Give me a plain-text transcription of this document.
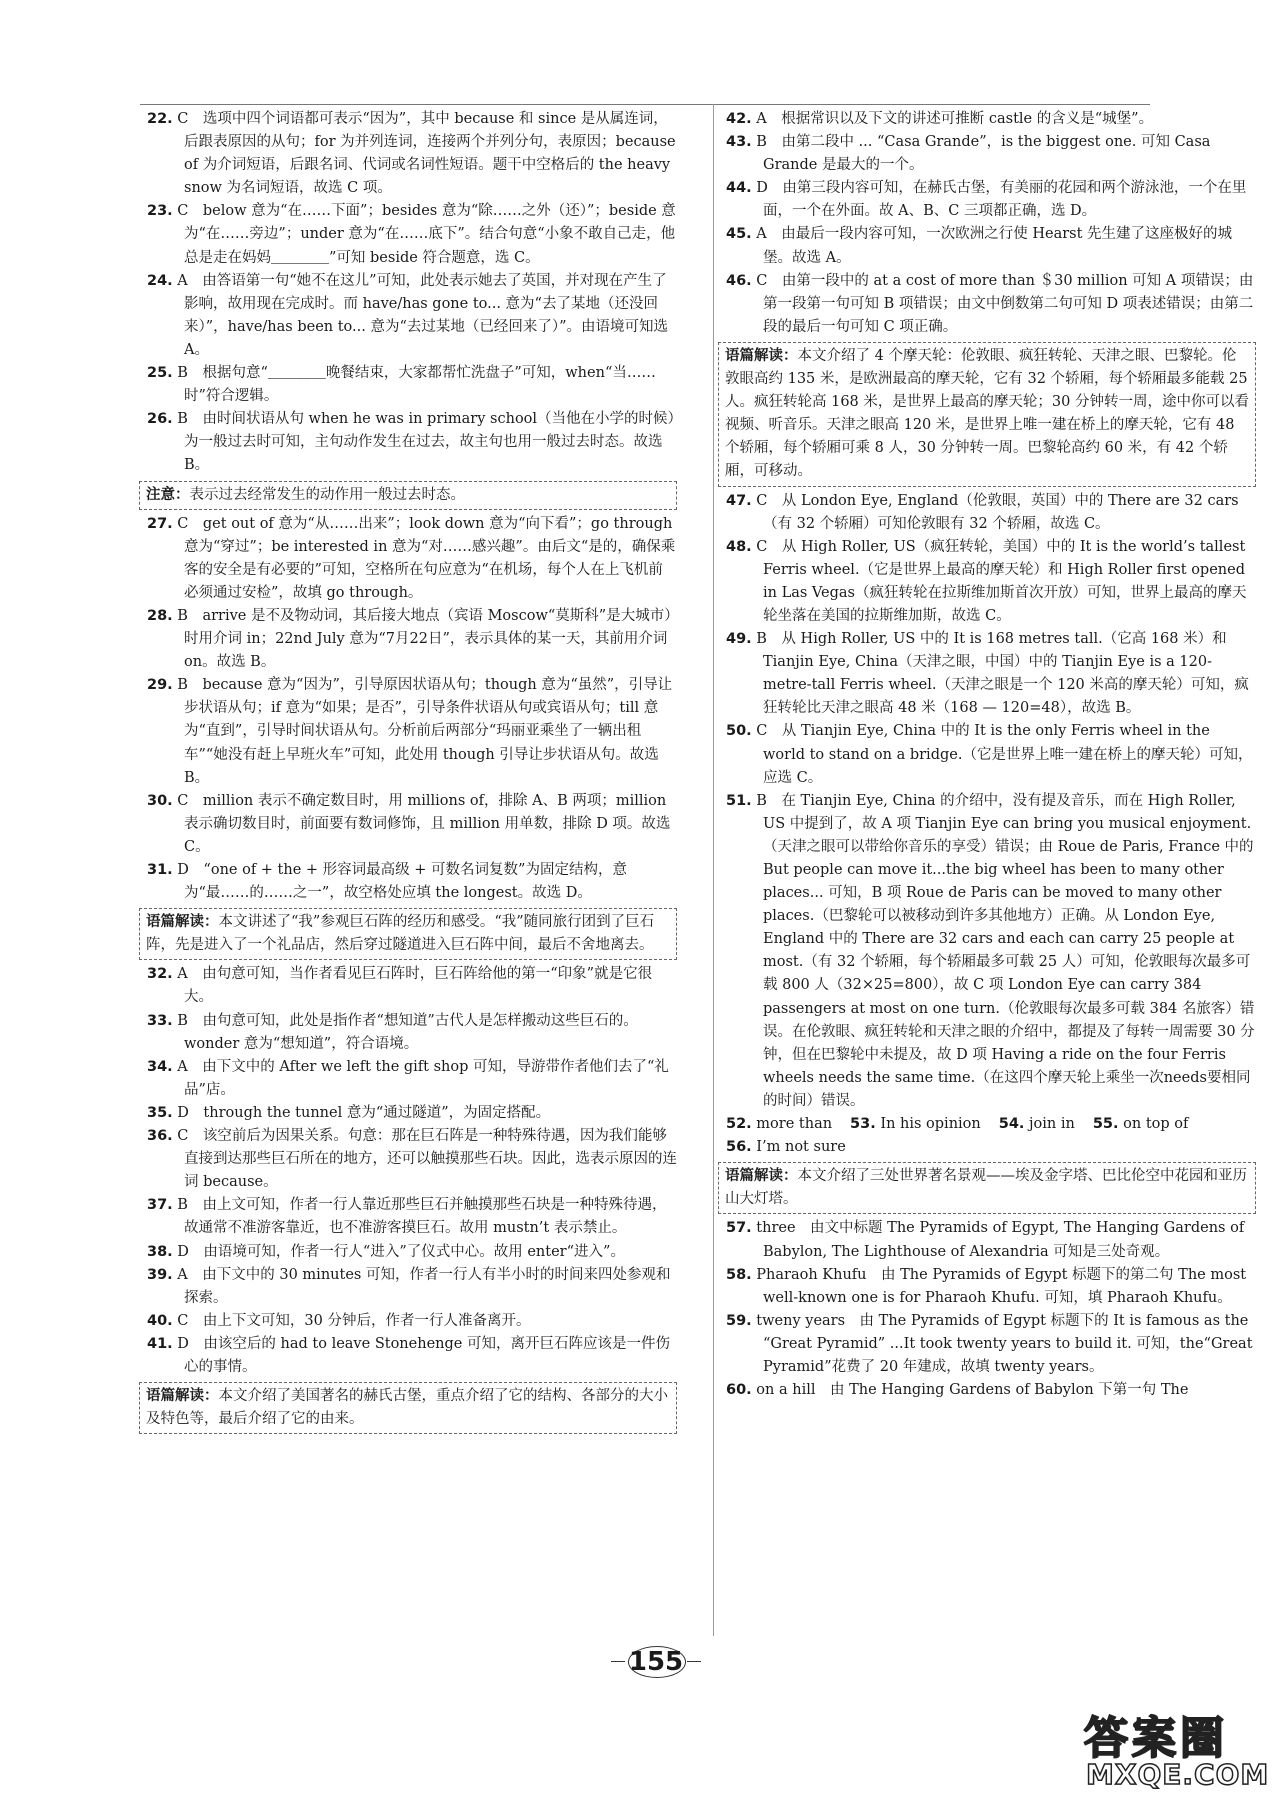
22. C　选项中四个词语都可表示“因为”，其中 because 和 since 是从属连词，后跟表原因的从句；for 为并列连词，连接两个并列分句，表原因；because of 为介词短语，后跟名词、代词或名词性短语。题干中空格后的 the heavy snow 为名词短语，故选 C 项。

23. C　below 意为“在……下面”；besides 意为“除……之外（还）”；beside 意为“在……旁边”；under 意为“在……底下”。结合句意“小象不敢自己走，他总是走在妈妈＿＿＿＿”可知 beside 符合题意，选 C。

24. A　由答语第一句“她不在这儿”可知，此处表示她去了英国，并对现在产生了影响，故用现在完成时。而 have/has gone to... 意为“去了某地（还没回来）”，have/has been to... 意为“去过某地（已经回来了）”。由语境可知选 A。

25. B　根据句意“＿＿＿＿晚餐结束，大家都帮忙洗盘子”可知，when“当……时”符合逻辑。

26. B　由时间状语从句 when he was in primary school（当他在小学的时候）为一般过去时可知，主句动作发生在过去，故主句也用一般过去时态。故选 B。

注意：表示过去经常发生的动作用一般过去时态。

27. C　get out of 意为“从……出来”；look down 意为“向下看”；go through 意为“穿过”；be interested in 意为“对……感兴趣”。由后文“是的，确保乘客的安全是有必要的”可知，空格所在句应意为“在机场，每个人在上飞机前必须通过安检”，故填 go through。

28. B　arrive 是不及物动词，其后接大地点（宾语 Moscow“莫斯科”是大城市）时用介词 in；22nd July 意为“7月22日”，表示具体的某一天，其前用介词 on。故选 B。

29. B　because 意为“因为”，引导原因状语从句；though 意为“虽然”，引导让步状语从句；if 意为“如果；是否”，引导条件状语从句或宾语从句；till 意为“直到”，引导时间状语从句。分析前后两部分“玛丽亚乘坐了一辆出租车”“她没有赶上早班火车”可知，此处用 though 引导让步状语从句。故选 B。

30. C　million 表示不确定数目时，用 millions of，排除 A、B 两项；million 表示确切数目时，前面要有数词修饰，且 million 用单数，排除 D 项。故选 C。

31. D　“one of + the + 形容词最高级 + 可数名词复数”为固定结构，意为“最……的……之一”，故空格处应填 the longest。故选 D。

语篇解读：本文讲述了“我”参观巨石阵的经历和感受。“我”随同旅行团到了巨石阵，先是进入了一个礼品店，然后穿过隧道进入巨石阵中间，最后不舍地离去。

32. A　由句意可知，当作者看见巨石阵时，巨石阵给他的第一“印象”就是它很大。

33. B　由句意可知，此处是指作者“想知道”古代人是怎样搬动这些巨石的。wonder 意为“想知道”，符合语境。

34. A　由下文中的 After we left the gift shop 可知，导游带作者他们去了“礼品”店。

35. D　through the tunnel 意为“通过隧道”，为固定搭配。

36. C　该空前后为因果关系。句意：那在巨石阵是一种特殊待遇，因为我们能够直接到达那些巨石所在的地方，还可以触摸那些石块。因此，选表示原因的连词 because。

37. B　由上文可知，作者一行人靠近那些巨石并触摸那些石块是一种特殊待遇，故通常不准游客靠近，也不准游客摸巨石。故用 mustn’t 表示禁止。

38. D　由语境可知，作者一行人“进入”了仪式中心。故用 enter“进入”。

39. A　由下文中的 30 minutes 可知，作者一行人有半小时的时间来四处参观和探索。

40. C　由上下文可知，30 分钟后，作者一行人准备离开。

41. D　由该空后的 had to leave Stonehenge 可知，离开巨石阵应该是一件伤心的事情。

语篇解读：本文介绍了美国著名的赫氏古堡，重点介绍了它的结构、各部分的大小及特色等，最后介绍了它的由来。

42. A　根据常识以及下文的讲述可推断 castle 的含义是“城堡”。

43. B　由第二段中 ... “Casa Grande”，is the biggest one. 可知 Casa Grande 是最大的一个。

44. D　由第三段内容可知，在赫氏古堡，有美丽的花园和两个游泳池，一个在里面，一个在外面。故 A、B、C 三项都正确，选 D。

45. A　由最后一段内容可知，一次欧洲之行使 Hearst 先生建了这座极好的城堡。故选 A。

46. C　由第一段中的 at a cost of more than ＄30 million 可知 A 项错误；由第一段第一句可知 B 项错误；由文中倒数第二句可知 D 项表述错误；由第二段的最后一句可知 C 项正确。

语篇解读：本文介绍了 4 个摩天轮：伦敦眼、疯狂转轮、天津之眼、巴黎轮。伦敦眼高约 135 米，是欧洲最高的摩天轮，它有 32 个轿厢，每个轿厢最多能载 25 人。疯狂转轮高 168 米，是世界上最高的摩天轮；30 分钟转一周，途中你可以看视频、听音乐。天津之眼高 120 米，是世界上唯一建在桥上的摩天轮，它有 48 个轿厢，每个轿厢可乘 8 人，30 分钟转一周。巴黎轮高约 60 米，有 42 个轿厢，可移动。

47. C　从 London Eye, England（伦敦眼，英国）中的 There are 32 cars（有 32 个轿厢）可知伦敦眼有 32 个轿厢，故选 C。

48. C　从 High Roller, US（疯狂转轮，美国）中的 It is the world’s tallest Ferris wheel.（它是世界上最高的摩天轮）和 High Roller first opened in Las Vegas（疯狂转轮在拉斯维加斯首次开放）可知，世界上最高的摩天轮坐落在美国的拉斯维加斯，故选 C。

49. B　从 High Roller, US 中的 It is 168 metres tall.（它高 168 米）和 Tianjin Eye, China（天津之眼，中国）中的 Tianjin Eye is a 120-metre-tall Ferris wheel.（天津之眼是一个 120 米高的摩天轮）可知，疯狂转轮比天津之眼高 48 米（168 — 120=48），故选 B。

50. C　从 Tianjin Eye, China 中的 It is the only Ferris wheel in the world to stand on a bridge.（它是世界上唯一建在桥上的摩天轮）可知，应选 C。

51. B　在 Tianjin Eye, China 的介绍中，没有提及音乐，而在 High Roller, US 中提到了，故 A 项 Tianjin Eye can bring you musical enjoyment.（天津之眼可以带给你音乐的享受）错误；由 Roue de Paris, France 中的 But people can move it...the big wheel has been to many other places... 可知，B 项 Roue de Paris can be moved to many other places.（巴黎轮可以被移动到许多其他地方）正确。从 London Eye, England 中的 There are 32 cars and each can carry 25 people at most.（有 32 个轿厢，每个轿厢最多可载 25 人）可知，伦敦眼每次最多可载 800 人（32×25=800），故 C 项 London Eye can carry 384 passengers at most on one turn.（伦敦眼每次最多可载 384 名旅客）错误。在伦敦眼、疯狂转轮和天津之眼的介绍中，都提及了每转一周需要 30 分钟，但在巴黎轮中未提及，故 D 项 Having a ride on the four Ferris wheels needs the same time.（在这四个摩天轮上乘坐一次needs要相同的时间）错误。

52. more than 53. In his opinion 54. join in 55. on top of

56. I’m not sure

语篇解读：本文介绍了三处世界著名景观——埃及金字塔、巴比伦空中花园和亚历山大灯塔。

57. three　由文中标题 The Pyramids of Egypt, The Hanging Gardens of Babylon, The Lighthouse of Alexandria 可知是三处奇观。

58. Pharaoh Khufu　由 The Pyramids of Egypt 标题下的第二句 The most well-known one is for Pharaoh Khufu. 可知，填 Pharaoh Khufu。

59. tweny years　由 The Pyramids of Egypt 标题下的 It is famous as the “Great Pyramid” ...It took twenty years to build it. 可知，the“Great Pyramid”花费了 20 年建成，故填 twenty years。

60. on a hill　由 The Hanging Gardens of Babylon 下第一句 The

155
答案圈
MXQE.COM
